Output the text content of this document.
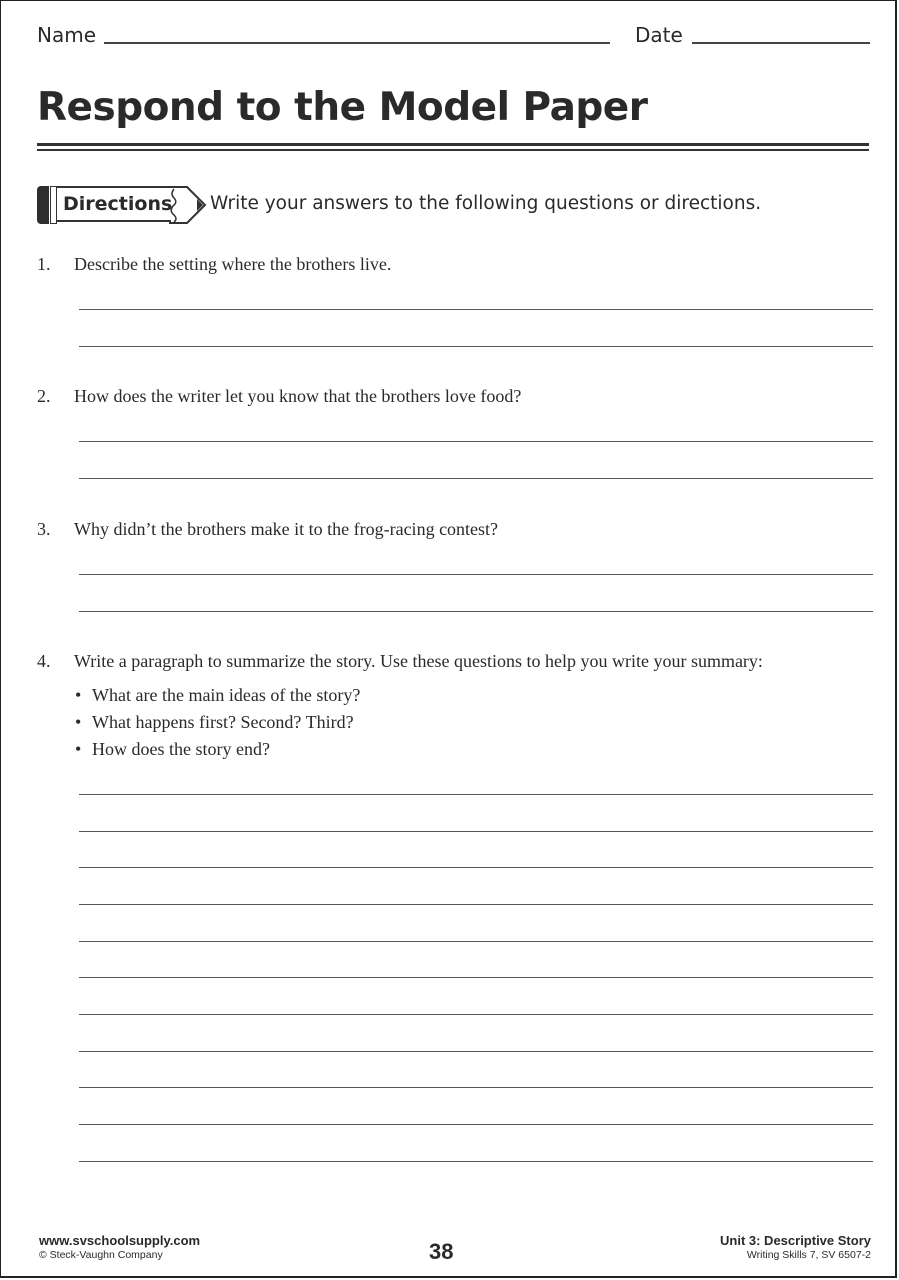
Name	Date
Respond to the Model Paper
Directions Write your answers to the following questions or directions.
1. Describe the setting where the brothers live.
2. How does the writer let you know that the brothers love food?
3. Why didn’t the brothers make it to the frog-racing contest?
4. Write a paragraph to summarize the story. Use these questions to help you write your summary:
• What are the main ideas of the story?
• What happens first? Second? Third?
• How does the story end?
www.svschoolsupply.com
© Steck-Vaughn Company	38	Unit 3: Descriptive Story
Writing Skills 7, SV 6507-2
